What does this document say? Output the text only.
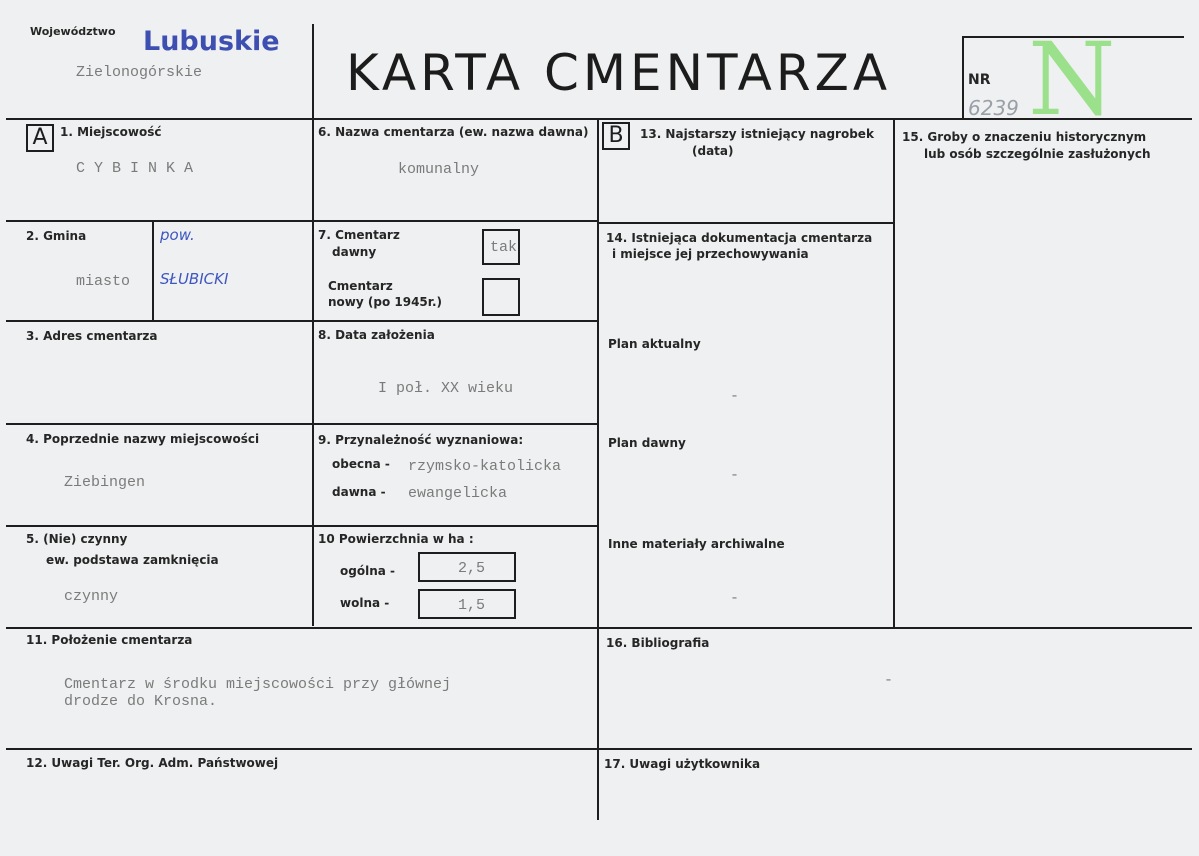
Województwo Lubuskie
Zielonogórskie	KARTA CMENTARZA	NR N
6239
A	B
1. Miejscowość
C Y B I N K A
2. Gmina
miasto
pow.
SŁUBICKI
3. Adres cmentarza
4. Poprzednie nazwy miejscowości
Ziebingen
5. (Nie) czynny
ew. podstawa zamknięcia
czynny
6. Nazwa cmentarza (ew. nazwa dawna)
komunalny
7. Cmentarz
dawny	tak
Cmentarz
nowy (po 1945r.)
8. Data założenia
I poł. XX wieku
9. Przynależność wyznaniowa:
obecna - rzymsko-katolicka
dawna - ewangelicka
10 Powierzchnia w ha :
ogólna -	2,5
wolna -	1,5
11. Położenie cmentarza
Cmentarz w środku miejscowości przy głównej
drodze do Krosna.
12. Uwagi Ter. Org. Adm. Państwowej
13. Najstarszy istniejący nagrobek
(data)
14. Istniejąca dokumentacja cmentarza
i miejsce jej przechowywania
Plan aktualny
-
Plan dawny
-
Inne materiały archiwalne
-
15. Groby o znaczeniu historycznym
lub osób szczególnie zasłużonych
16. Bibliografia
-
17. Uwagi użytkownika
